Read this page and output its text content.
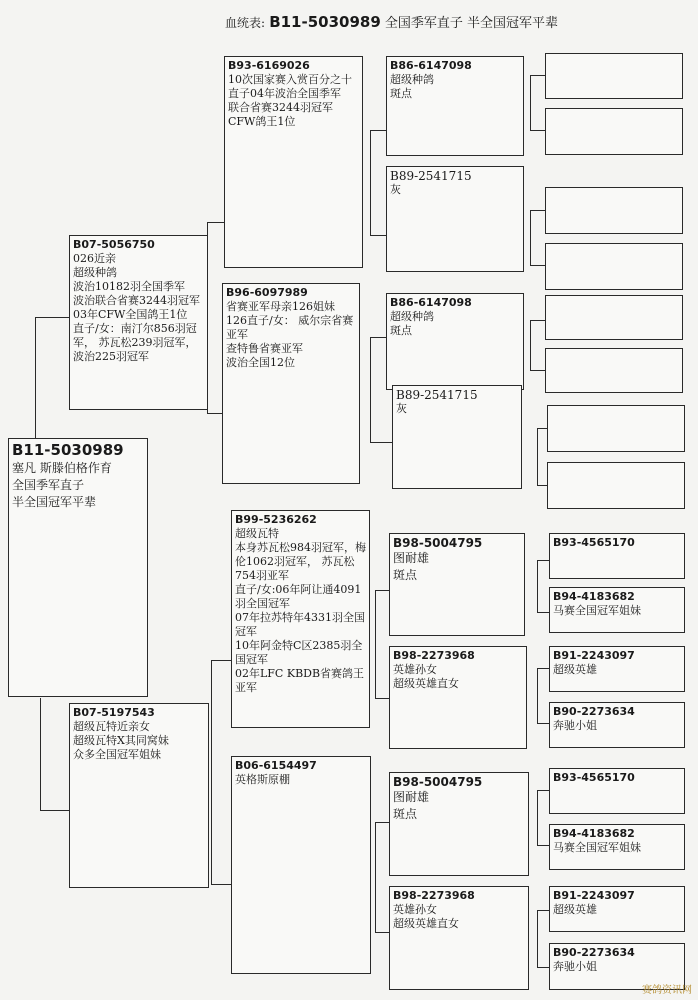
血统表: B11-5030989 全国季军直子 半全国冠军平辈
B11-5030989
塞凡 斯滕伯格作育
全国季军直子
半全国冠军平辈
B07-5056750
026近亲
超级种鸽
波治10182羽全国季军
波治联合省赛3244羽冠军
03年CFW全国鸽王1位
直子/女：南汀尔856羽冠军， 苏瓦松239羽冠军，波治225羽冠军
B07-5197543
超级瓦特近亲女
超级瓦特X其同窝妹
众多全国冠军姐妹
B93-6169026
10次国家赛入赏百分之十
直子04年波治全国季军
联合省赛3244羽冠军
CFW鸽王1位
B96-6097989
省赛亚军母亲126姐妹
126直子/女： 威尔宗省赛亚军
查特鲁省赛亚军
波治全国12位
B99-5236262
超级瓦特
本身苏瓦松984羽冠军，梅伦1062羽冠军， 苏瓦松754羽亚军
直子/女:06年阿让通4091羽全国冠军
07年拉苏特年4331羽全国冠军
10年阿金特C区2385羽全国冠军
02年LFC KBDB省赛鸽王亚军
B06-6154497
英格斯原棚
B86-6147098
超级种鸽
斑点
B89-2541715
灰
B86-6147098
超级种鸽
斑点
B89-2541715
灰
B98-5004795
图耐雄
斑点
B98-2273968
英雄孙女
超级英雄直女
B98-5004795
图耐雄
斑点
B98-2273968
英雄孙女
超级英雄直女
B93-4565170
B94-4183682
马赛全国冠军姐妹
B91-2243097
超级英雄
B90-2273634
奔驰小姐
B93-4565170
B94-4183682
马赛全国冠军姐妹
B91-2243097
超级英雄
B90-2273634
奔驰小姐
赛鸽资讯网
